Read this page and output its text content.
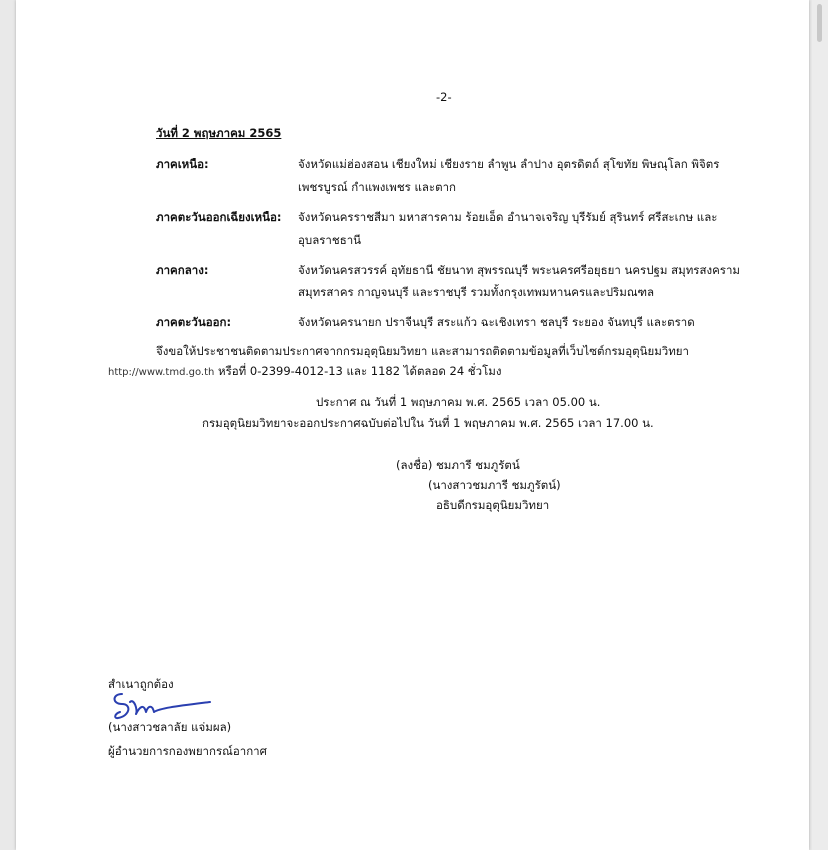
-2-
วันที่ 2 พฤษภาคม 2565
ภาคเหนือ:	จังหวัดแม่ฮ่องสอน เชียงใหม่ เชียงราย ลำพูน ลำปาง อุตรดิตถ์ สุโขทัย พิษณุโลก พิจิตร
เพชรบูรณ์ กำแพงเพชร และตาก
ภาคตะวันออกเฉียงเหนือ: จังหวัดนครราชสีมา มหาสารคาม ร้อยเอ็ด อำนาจเจริญ บุรีรัมย์ สุรินทร์ ศรีสะเกษ และ
อุบลราชธานี
ภาคกลาง:	จังหวัดนครสวรรค์ อุทัยธานี ชัยนาท สุพรรณบุรี พระนครศรีอยุธยา นครปฐม สมุทรสงคราม
สมุทรสาคร กาญจนบุรี และราชบุรี รวมทั้งกรุงเทพมหานครและปริมณฑล
ภาคตะวันออก:	จังหวัดนครนายก ปราจีนบุรี สระแก้ว ฉะเชิงเทรา ชลบุรี ระยอง จันทบุรี และตราด
จึงขอให้ประชาชนติดตามประกาศจากกรมอุตุนิยมวิทยา และสามารถติดตามข้อมูลที่เว็บไซต์กรมอุตุนิยมวิทยา
http://www.tmd.go.th หรือที่ 0-2399-4012-13 และ 1182 ได้ตลอด 24 ชั่วโมง
ประกาศ ณ วันที่ 1 พฤษภาคม พ.ศ. 2565 เวลา 05.00 น.
กรมอุตุนิยมวิทยาจะออกประกาศฉบับต่อไปใน วันที่ 1 พฤษภาคม พ.ศ. 2565 เวลา 17.00 น.
(ลงชื่อ) ชมภารี ชมภูรัตน์
(นางสาวชมภารี ชมภูรัตน์)
อธิบดีกรมอุตุนิยมวิทยา
สำเนาถูกต้อง
(นางสาวชลาลัย แจ่มผล)
ผู้อำนวยการกองพยากรณ์อากาศ
